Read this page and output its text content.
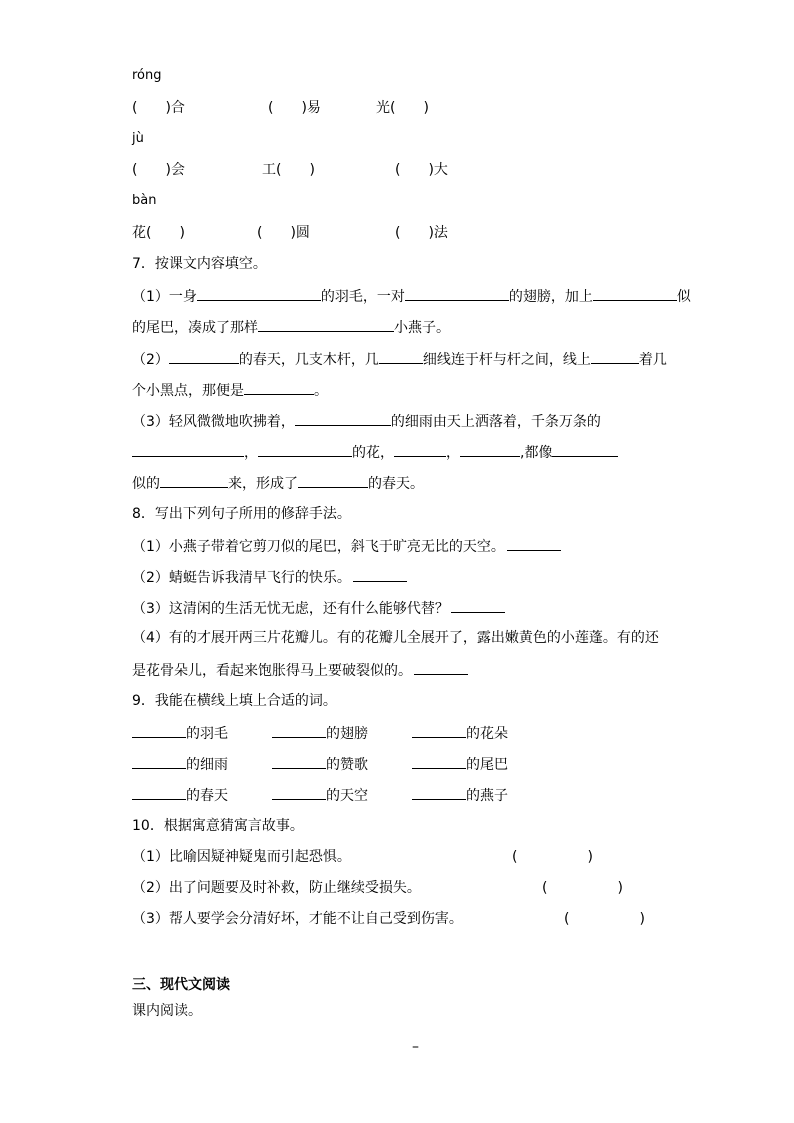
róng
(　　)合	(　　)易	光(　　)
jù
(　　)会	工(　　)	(　　)大
bàn
花(　　)	(　　)圆	(　　)法
7．按课文内容填空。
（1）一身	的羽毛，一对	的翅膀，加上	似
的尾巴，凑成了那样	小燕子。
（2）	的春天，几支木杆，几	细线连于杆与杆之间，线上	着几
个小黑点，那便是	。
（3）轻风微微地吹拂着，	的细雨由天上洒落着，千条万条的
，	的花，	，	,都像
似的	来，形成了	的春天。
8．写出下列句子所用的修辞手法。
（1）小燕子带着它剪刀似的尾巴，斜飞于旷亮无比的天空。
（2）蜻蜓告诉我清早飞行的快乐。
（3）这清闲的生活无忧无虑，还有什么能够代替？
（4）有的才展开两三片花瓣儿。有的花瓣儿全展开了，露出嫩黄色的小莲蓬。有的还
是花骨朵儿，看起来饱胀得马上要破裂似的。
9．我能在横线上填上合适的词。
的羽毛	的翅膀	的花朵
的细雨	的赞歌	的尾巴
的春天	的天空	的燕子
10．根据寓意猜寓言故事。
（1）比喻因疑神疑鬼而引起恐惧。	(　　　　　)
（2）出了问题要及时补救，防止继续受损失。	(　　　　　)
（3）帮人要学会分清好坏，才能不让自己受到伤害。	(　　　　　)
三、现代文阅读
课内阅读。
–
